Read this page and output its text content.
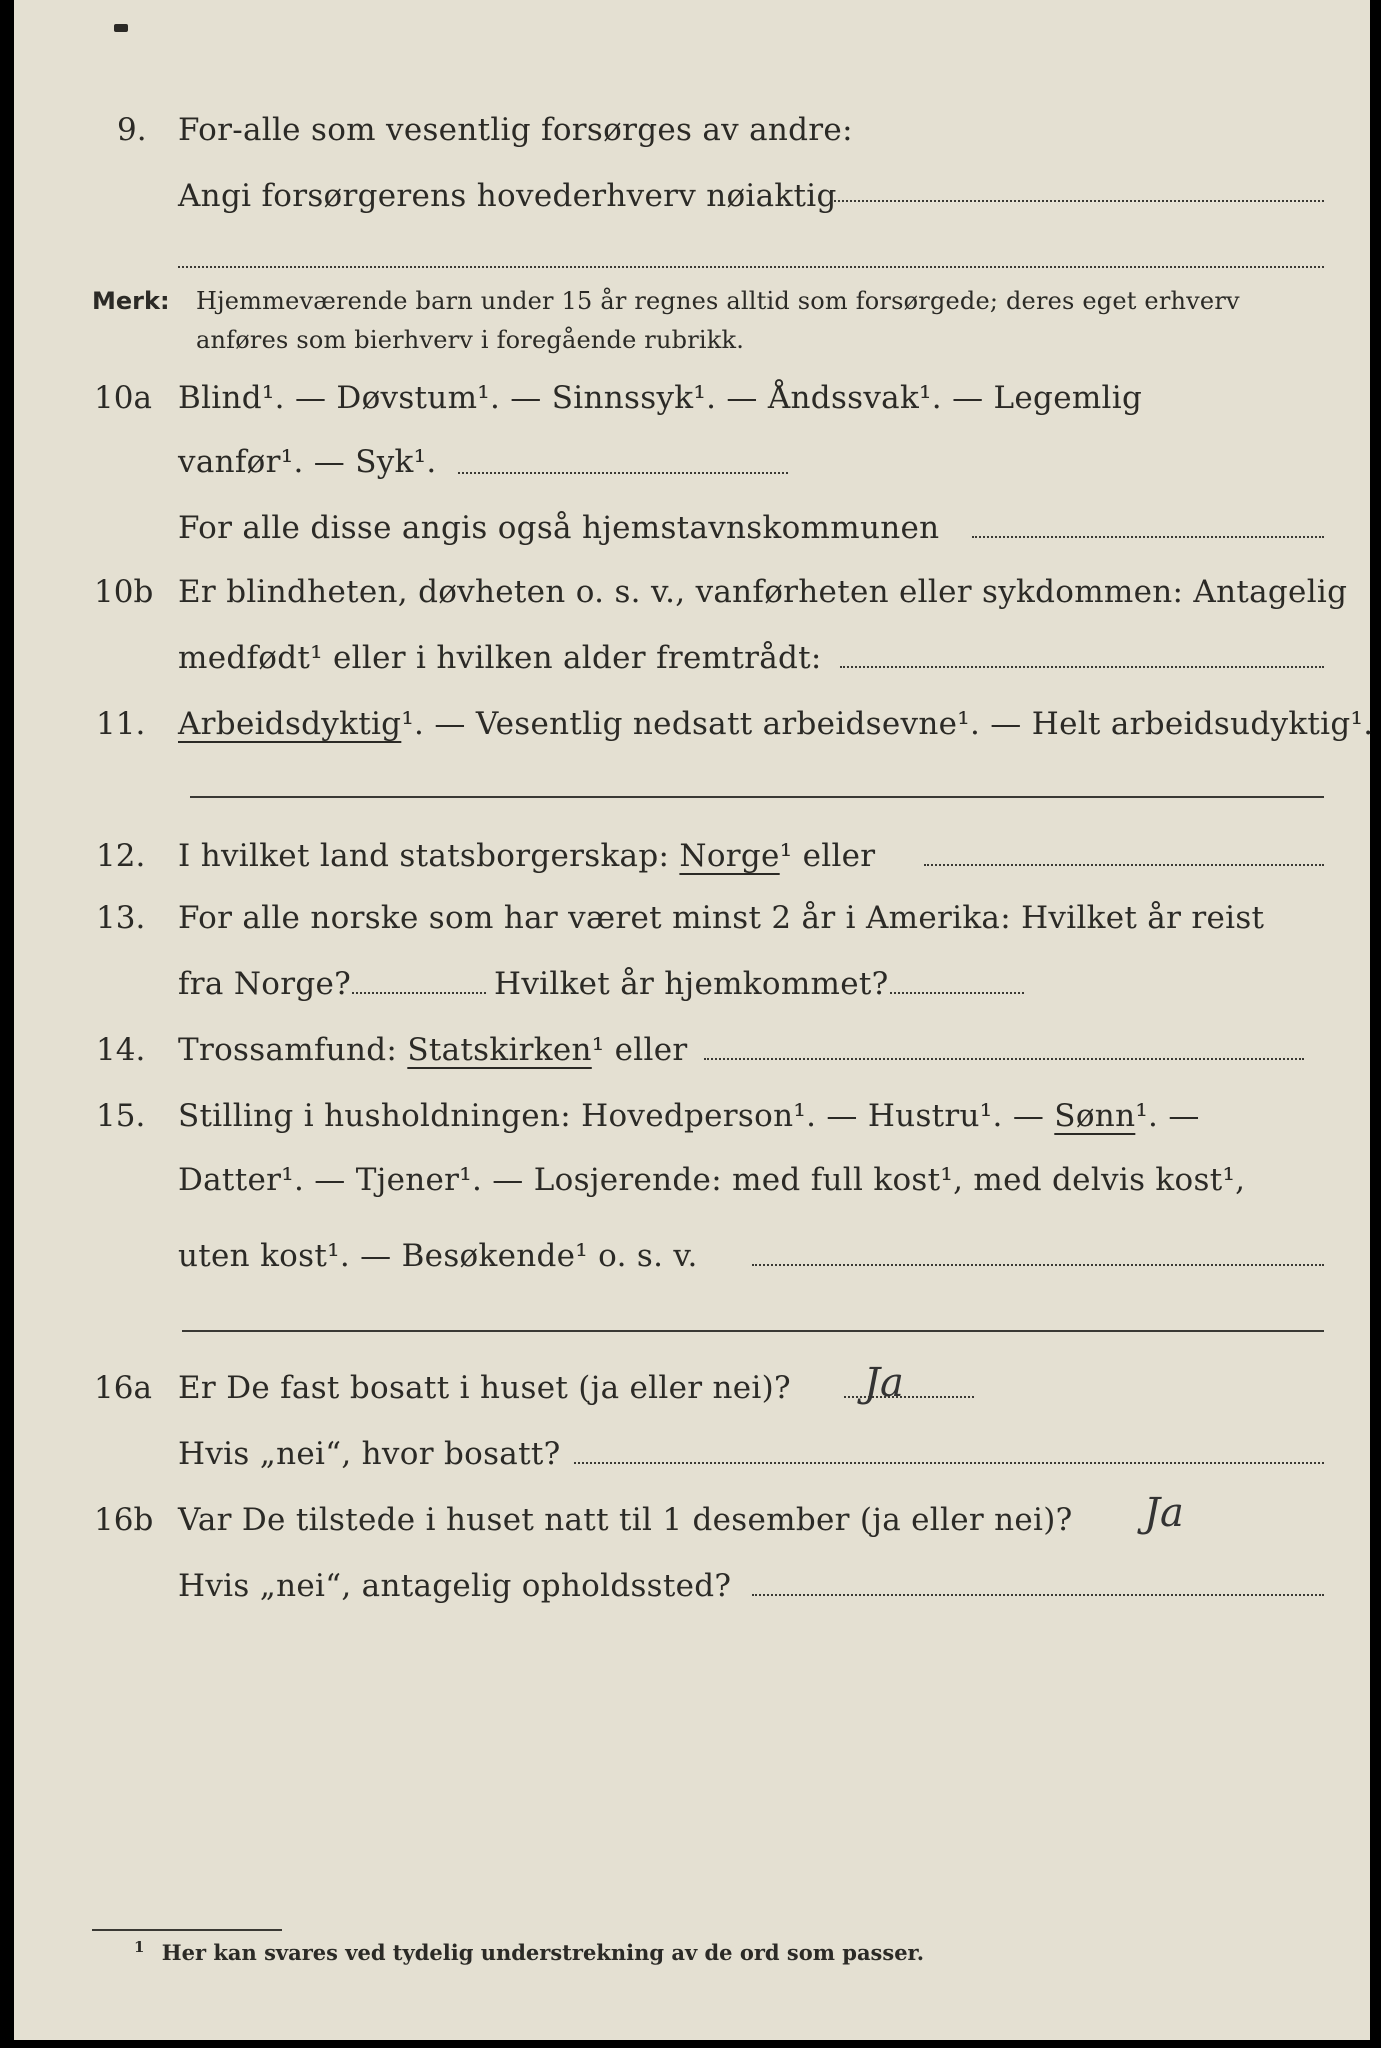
9. For-alle som vesentlig forsørges av andre:
Angi forsørgerens hovederhverv nøiaktig
Merk: Hjemmeværende barn under 15 år regnes alltid som forsørgede; deres eget erhverv
anføres som bierhverv i foregående rubrikk.
10a Blind¹. — Døvstum¹. — Sinnssyk¹. — Åndssvak¹. — Legemlig
vanfør¹. — Syk¹.
For alle disse angis også hjemstavnskommunen
10b Er blindheten, døvheten o. s. v., vanførheten eller sykdommen: Antagelig
medfødt¹ eller i hvilken alder fremtrådt:
11. Arbeidsdyktig¹. — Vesentlig nedsatt arbeidsevne¹. — Helt arbeidsudyktig¹.
12. I hvilket land statsborgerskap: Norge¹ eller
13. For alle norske som har været minst 2 år i Amerika: Hvilket år reist
fra Norge?	Hvilket år hjemkommet?
14. Trossamfund: Statskirken¹ eller
15. Stilling i husholdningen: Hovedperson¹. — Hustru¹. — Sønn¹. —
Datter¹. — Tjener¹. — Losjerende: med full kost¹, med delvis kost¹,
uten kost¹. — Besøkende¹ o. s. v.
16a Er De fast bosatt i huset (ja eller nei)? Ja
Hvis „nei“, hvor bosatt?
16b Var De tilstede i huset natt til 1 desember (ja eller nei)? Ja
Hvis „nei“, antagelig opholdssted?
$^1$ Her kan svares ved tydelig understrekning av de ord som passer.
